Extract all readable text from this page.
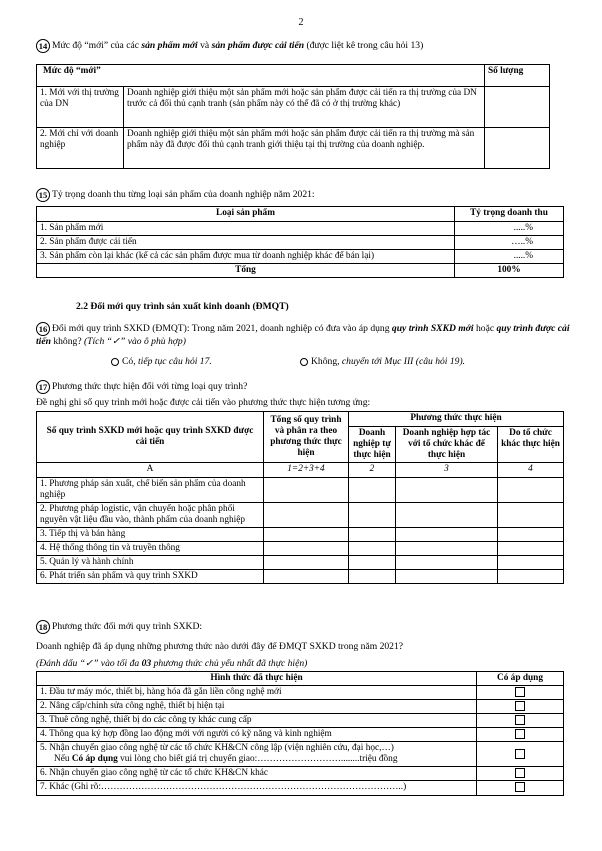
2
14 Mức độ “mới” của các sản phẩm mới và sản phẩm được cải tiến (được liệt kê trong câu hỏi 13)
Mức độ “mới”		Số lượng
1. Mới với thị trường của DN	Doanh nghiệp giới thiệu một sản phẩm mới hoặc sản phẩm được cải tiến ra thị trường của DN trước cả đối thủ cạnh tranh (sản phẩm này có thể đã có ở thị trường khác)	
2. Mới chỉ với doanh nghiệp	Doanh nghiệp giới thiệu một sản phẩm mới hoặc sản phẩm được cải tiến ra thị trường mà sản phẩm này đã được đối thủ cạnh tranh giới thiệu tại thị trường của doanh nghiệp.	
15 Tỷ trọng doanh thu từng loại sản phẩm của doanh nghiệp năm 2021:
Loại sản phẩm	Tỷ trọng doanh thu
1. Sản phẩm mới	.....%
2. Sản phẩm được cải tiến	…..%
3. Sản phẩm còn lại khác (kể cả các sản phẩm được mua từ doanh nghiệp khác để bán lại)	.....%
Tổng	100%
2.2 Đổi mới quy trình sản xuất kinh doanh (ĐMQT)
16 Đổi mới quy trình SXKD (ĐMQT): Trong năm 2021, doanh nghiệp có đưa vào áp dụng quy trình SXKD mới hoặc quy trình được cải tiến không? (Tích “✓” vào ô phù hợp)
Có, tiếp tục câu hỏi 17.	Không, chuyển tới Mục III (câu hỏi 19).
17 Phương thức thực hiện đổi với từng loại quy trình?
Đề nghị ghi số quy trình mới hoặc được cải tiến vào phương thức thực hiện tương ứng:
Số quy trình SXKD mới hoặc quy trình SXKD được cải tiến	Tổng số quy trình và phân ra theo phương thức thực hiện	Phương thức thực hiện		
		Doanh nghiệp tự thực hiện	Doanh nghiệp hợp tác với tổ chức khác để thực hiện	Do tổ chức khác thực hiện
A	1=2+3+4	2	3	4
1. Phương pháp sản xuất, chế biến sản phẩm của doanh nghiệp				
2. Phương pháp logistic, vận chuyển hoặc phân phối nguyên vật liệu đầu vào, thành phẩm của doanh nghiệp				
3. Tiếp thị và bán hàng				
4. Hệ thống thông tin và truyền thông				
5. Quản lý và hành chính				
6. Phát triển sản phẩm và quy trình SXKD				
18 Phương thức đổi mới quy trình SXKD:
Doanh nghiệp đã áp dụng những phương thức nào dưới đây để ĐMQT SXKD trong năm 2021?
(Đánh dấu “✓” vào tối đa 03 phương thức chủ yếu nhất đã thực hiện)
Hình thức đã thực hiện	Có áp dụng
1. Đầu tư máy móc, thiết bị, hàng hóa đã gắn liền công nghệ mới	
2. Nâng cấp/chỉnh sửa công nghệ, thiết bị hiện tại	
3. Thuê công nghệ, thiết bị do các công ty khác cung cấp	
4. Thông qua ký hợp đồng lao động mới với người có kỹ năng và kinh nghiệm	

5. Nhận chuyển giao công nghệ từ các tổ chức KH&CN công lập (viện nghiên cứu, đại học,…)
Nếu Có áp dụng vui lòng cho biết giá trị chuyển giao:………………………........triệu đồng	

6. Nhận chuyển giao công nghệ từ các tổ chức KH&CN khác	
7. Khác (Ghi rõ:……………………………………………………………………………………..)	
